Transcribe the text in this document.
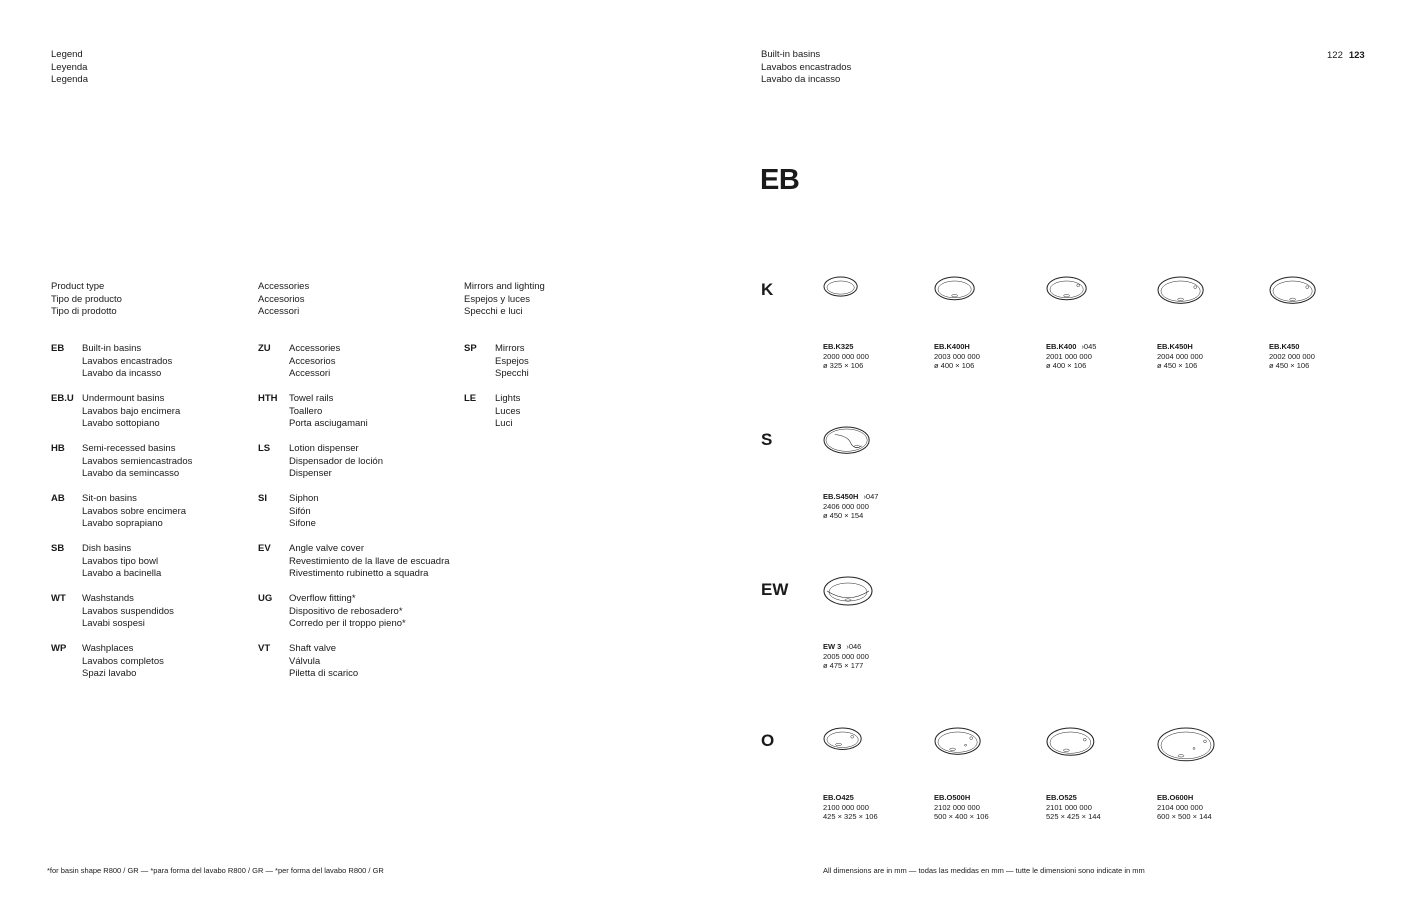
Legend
Leyenda
Legenda
Built-in basins
Lavabos encastrados
Lavabo da incasso
122 123
Product type
Tipo de producto
Tipo di prodotto
EB Built-in basins
Lavabos encastrados
Lavabo da incasso
EB.U Undermount basins
Lavabos bajo encimera
Lavabo sottopiano
HB Semi-recessed basins
Lavabos semiencastrados
Lavabo da semincasso
AB Sit-on basins
Lavabos sobre encimera
Lavabo soprapiano
SB Dish basins
Lavabos tipo bowl
Lavabo a bacinella
WT Washstands
Lavabos suspendidos
Lavabi sospesi
WP Washplaces
Lavabos completos
Spazi lavabo
Accessories
Accesorios
Accessori
ZU Accessories
Accesorios
Accessori
HTH Towel rails
Toallero
Porta asciugamani
LS Lotion dispenser
Dispensador de loción
Dispenser
SI Siphon
Sifón
Sifone
EV Angle valve cover
Revestimiento de la llave de escuadra
Rivestimento rubinetto a squadra
UG Overflow fitting*
Dispositivo de rebosadero*
Corredo per il troppo pieno*
VT Shaft valve
Válvula
Piletta di scarico
Mirrors and lighting
Espejos y luces
Specchi e luci
SP Mirrors
Espejos
Specchi
LE Lights
Luces
Luci
*for basin shape R800 / GR — *para forma del lavabo R800 / GR — *per forma del lavabo R800 / GR
EB
K
EB.K325
2000 000 000
ø 325 × 106
EB.K400H
2003 000 000
ø 400 × 106
EB.K400 ›045
2001 000 000
ø 400 × 106
EB.K450H
2004 000 000
ø 450 × 106
EB.K450
2002 000 000
ø 450 × 106
S
EB.S450H ›047
2406 000 000
ø 450 × 154
EW
EW 3 ›046
2005 000 000
ø 475 × 177
O
EB.O425
2100 000 000
425 × 325 × 106
EB.O500H
2102 000 000
500 × 400 × 106
EB.O525
2101 000 000
525 × 425 × 144
EB.O600H
2104 000 000
600 × 500 × 144
All dimensions are in mm — todas las medidas en mm — tutte le dimensioni sono indicate in mm
